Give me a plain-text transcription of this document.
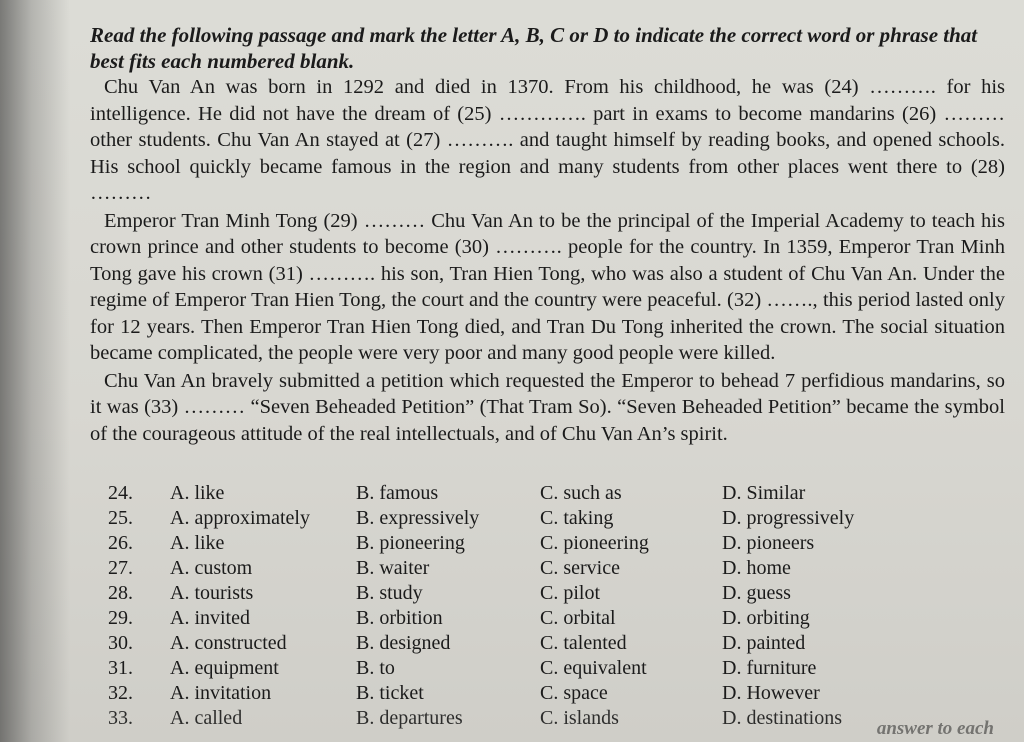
Read the following passage and mark the letter A, B, C or D to indicate the correct word or phrase that best fits each numbered blank.

Chu Van An was born in 1292 and died in 1370. From his childhood, he was (24) ………. for his intelligence. He did not have the dream of (25) …………. part in exams to become mandarins (26) ……… other students. Chu Van An stayed at (27) ………. and taught himself by reading books, and opened schools. His school quickly became famous in the region and many students from other places went there to (28) ………

Emperor Tran Minh Tong (29) ……… Chu Van An to be the principal of the Imperial Academy to teach his crown prince and other students to become (30) ………. people for the country. In 1359, Emperor Tran Minh Tong gave his crown (31) ………. his son, Tran Hien Tong, who was also a student of Chu Van An. Under the regime of Emperor Tran Hien Tong, the court and the country were peaceful. (32) ……., this period lasted only for 12 years. Then Emperor Tran Hien Tong died, and Tran Du Tong inherited the crown. The social situation became complicated, the people were very poor and many good people were killed.

Chu Van An bravely submitted a petition which requested the Emperor to behead 7 perfidious mandarins, so it was (33) ……… “Seven Beheaded Petition” (That Tram So). “Seven Beheaded Petition” became the symbol of the courageous attitude of the real intellectuals, and of Chu Van An’s spirit.

24. A. like	B. famous	C. such as	D. Similar
25. A. approximately B. expressively	C. taking	D. progressively
26. A. like	B. pioneering	C. pioneering	D. pioneers
27. A. custom	B. waiter	C. service	D. home
28. A. tourists	B. study	C. pilot	D. guess
29. A. invited	B. orbition	C. orbital	D. orbiting
30. A. constructed	B. designed	C. talented	D. painted
31. A. equipment	B. to	C. equivalent	D. furniture
32. A. invitation	B. ticket	C. space	D. However
33. A. called	B. departures	C. islands	D. destinations answer to each
